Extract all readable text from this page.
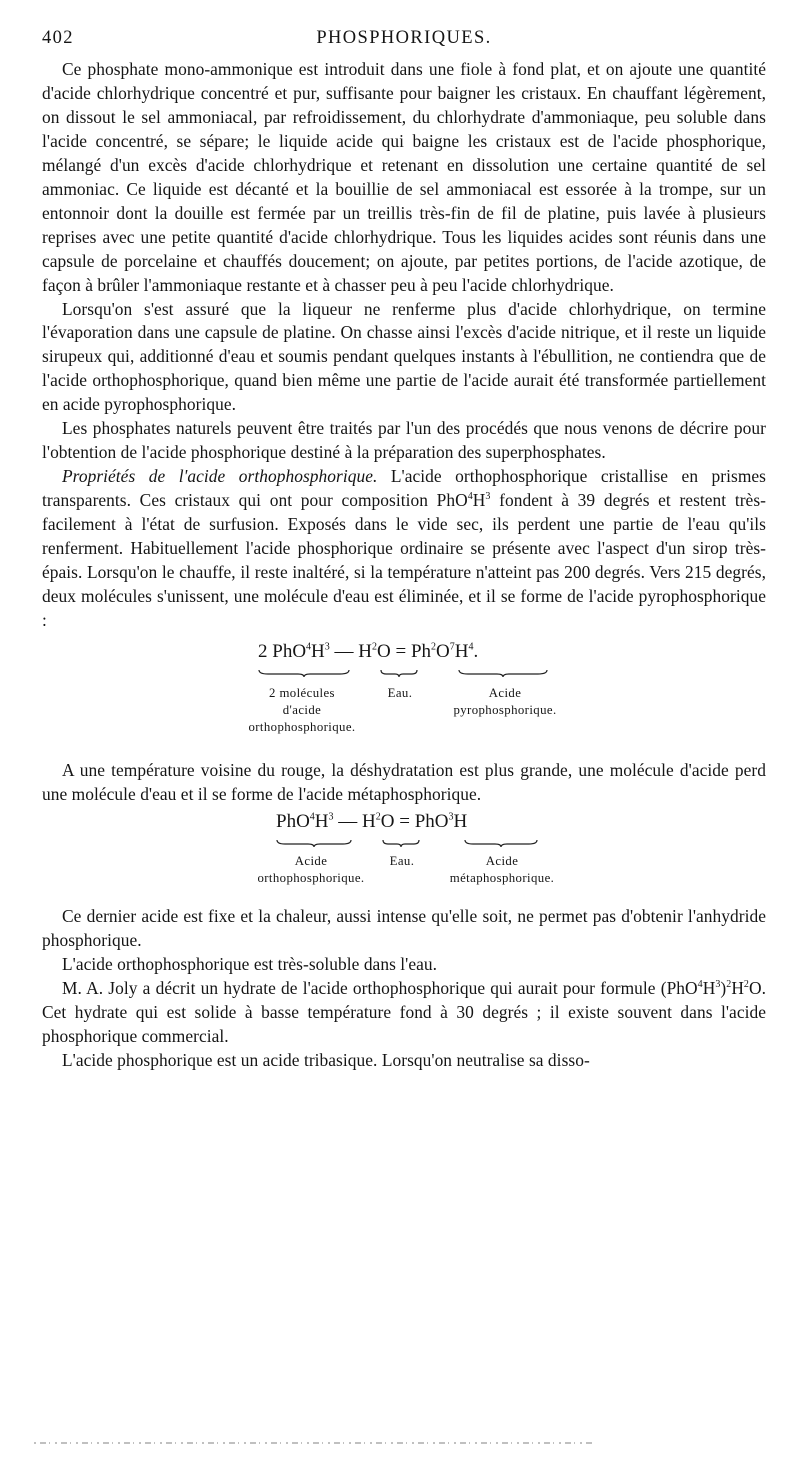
402	PHOSPHORIQUES.

Ce phosphate mono-ammonique est introduit dans une fiole à fond plat, et on ajoute une quantité d'acide chlorhydrique concentré et pur, suffisante pour baigner les cristaux. En chauffant légèrement, on dissout le sel ammoniacal, par refroidissement, du chlorhydrate d'ammoniaque, peu soluble dans l'acide concentré, se sépare; le liquide acide qui baigne les cristaux est de l'acide phosphorique, mélangé d'un excès d'acide chlorhydrique et retenant en dissolution une certaine quantité de sel ammoniac. Ce liquide est décanté et la bouillie de sel ammoniacal est essorée à la trompe, sur un entonnoir dont la douille est fermée par un treillis très-fin de fil de platine, puis lavée à plusieurs reprises avec une petite quantité d'acide chlorhydrique. Tous les liquides acides sont réunis dans une capsule de porcelaine et chauffés doucement; on ajoute, par petites portions, de l'acide azotique, de façon à brûler l'ammoniaque restante et à chasser peu à peu l'acide chlorhydrique.

Lorsqu'on s'est assuré que la liqueur ne renferme plus d'acide chlorhydrique, on termine l'évaporation dans une capsule de platine. On chasse ainsi l'excès d'acide nitrique, et il reste un liquide sirupeux qui, additionné d'eau et soumis pendant quelques instants à l'ébullition, ne contiendra que de l'acide orthophosphorique, quand bien même une partie de l'acide aurait été transformée partiellement en acide pyrophosphorique.

Les phosphates naturels peuvent être traités par l'un des procédés que nous venons de décrire pour l'obtention de l'acide phosphorique destiné à la préparation des superphosphates.

Propriétés de l'acide orthophosphorique. L'acide orthophosphorique cristallise en prismes transparents. Ces cristaux qui ont pour composition $PhO^4H^3$ fondent à 39 degrés et restent très-facilement à l'état de surfusion. Exposés dans le vide sec, ils perdent une partie de l'eau qu'ils renferment. Habituellement l'acide phosphorique ordinaire se présente avec l'aspect d'un sirop très-épais. Lorsqu'on le chauffe, il reste inaltéré, si la température n'atteint pas 200 degrés. Vers 215 degrés, deux molécules s'unissent, une molécule d'eau est éliminée, et il se forme de l'acide pyrophosphorique :

2 $PhO^4H^3$ — $H^2O = Ph^2O^7H^4$.
2 molécules
d'acide
orthophosphorique.
Eau.	Acide
pyrophosphorique.

A une température voisine du rouge, la déshydratation est plus grande, une molécule d'acide perd une molécule d'eau et il se forme de l'acide métaphosphorique.

$PhO^4H^3$ — $H^2O = PhO^3H$
Acide
orthophosphorique.
Eau.	Acide
métaphosphorique.

Ce dernier acide est fixe et la chaleur, aussi intense qu'elle soit, ne permet pas d'obtenir l'anhydride phosphorique.

L'acide orthophosphorique est très-soluble dans l'eau.

M. A. Joly a décrit un hydrate de l'acide orthophosphorique qui aurait pour formule $(PhO^4H^3)^2H^2O$. Cet hydrate qui est solide à basse température fond à 30 degrés ; il existe souvent dans l'acide phosphorique commercial.

L'acide phosphorique est un acide tribasique. Lorsqu'on neutralise sa disso-
